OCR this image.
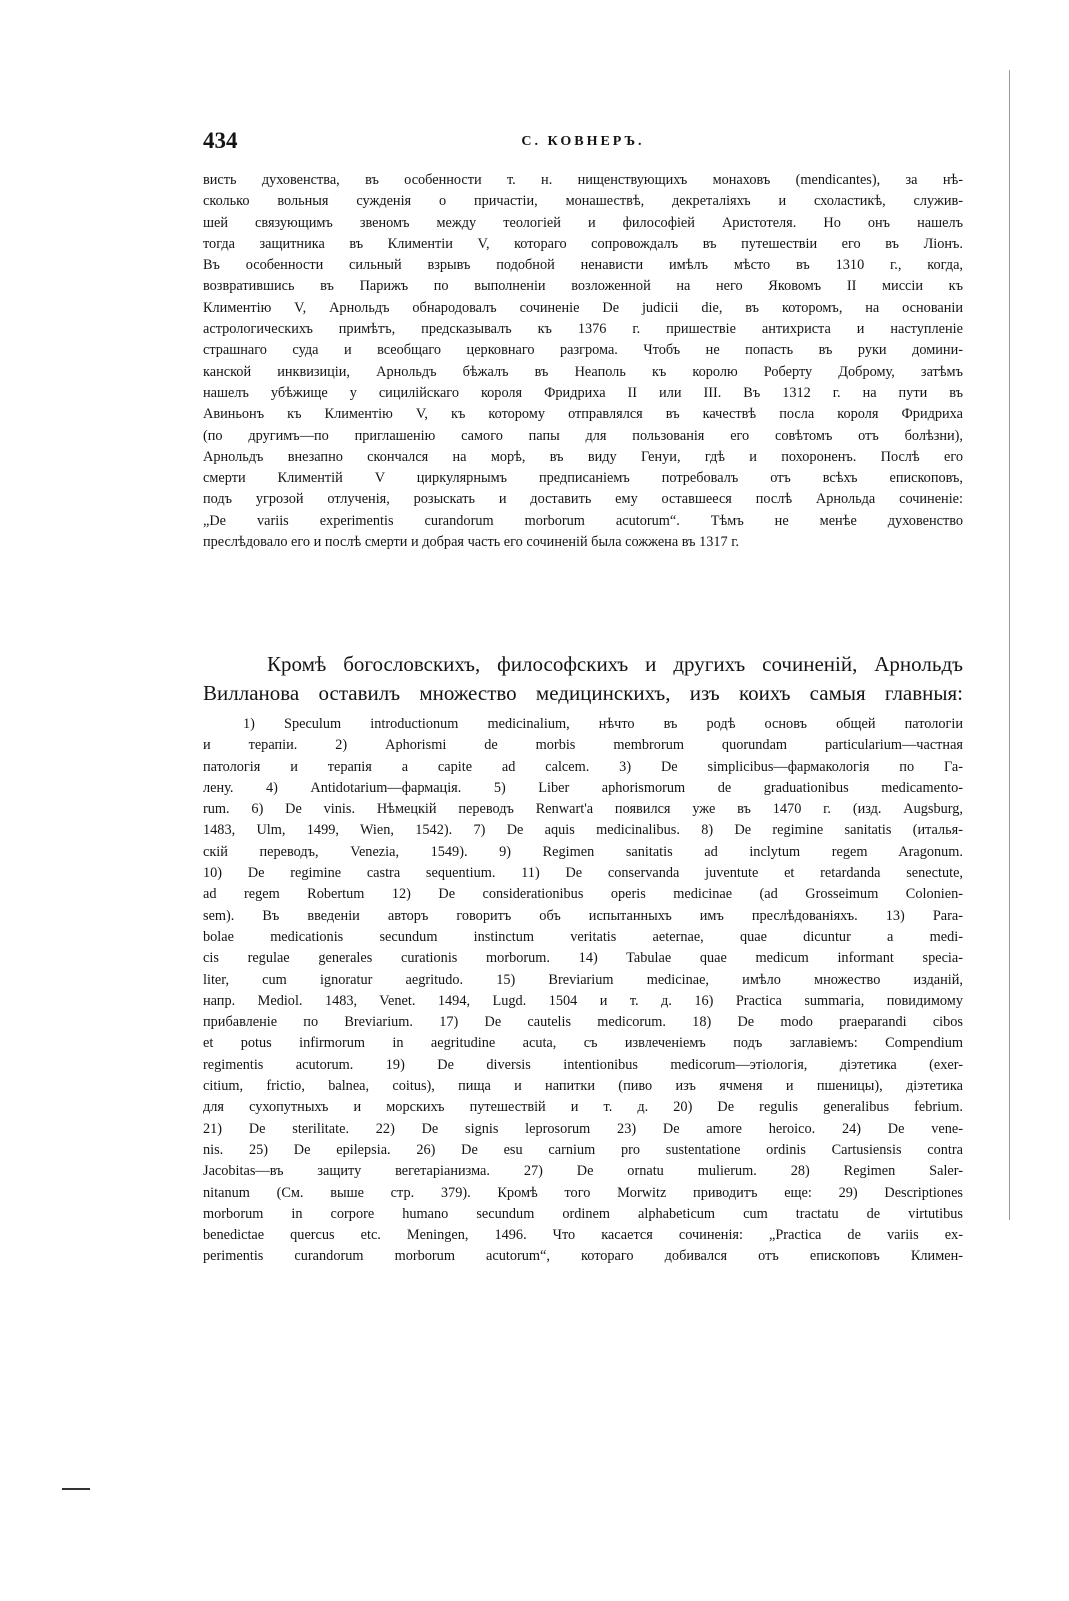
434	С. КОВНЕРЪ.
висть духовенства, въ особенности т. н. нищенствующихъ монаховъ (mendicantes), за нѣ-
сколько вольныя сужденія о причастіи, монашествѣ, декреталіяхъ и схоластикѣ, служив-
шей связующимъ звеномъ между теологіей и философіей Аристотеля. Но онъ нашелъ
тогда защитника въ Климентіи V, котораго сопровождалъ въ путешествіи его въ Ліонъ.
Въ особенности сильный взрывъ подобной ненависти имѣлъ мѣсто въ 1310 г., когда,
возвратившись въ Парижъ по выполненіи возложенной на него Яковомъ II миссіи къ
Климентію V, Арнольдъ обнародовалъ сочиненіе De judicii die, въ которомъ, на основаніи
астрологическихъ примѣтъ, предсказывалъ къ 1376 г. пришествіе антихриста и наступленіе
страшнаго суда и всеобщаго церковнаго разгрома. Чтобъ не попасть въ руки домини-
канской инквизиціи, Арнольдъ бѣжалъ въ Неаполь къ королю Роберту Доброму, затѣмъ
нашелъ убѣжище у сицилійскаго короля Фридриха II или III. Въ 1312 г. на пути въ
Авиньонъ къ Климентію V, къ которому отправлялся въ качествѣ посла короля Фридриха
(по другимъ—по приглашенію самого папы для пользованія его совѣтомъ отъ болѣзни),
Арнольдъ внезапно скончался на морѣ, въ виду Генуи, гдѣ и похороненъ. Послѣ его
смерти Климентій V циркулярнымъ предписаніемъ потребовалъ отъ всѣхъ епископовъ,
подъ угрозой отлученія, розыскать и доставить ему оставшееся послѣ Арнольда сочиненіе:
„De variis experimentis curandorum morborum acutorum“. Тѣмъ не менѣе духовенство
преслѣдовало его и послѣ смерти и добрая часть его сочиненій была сожжена въ 1317 г.
Кромѣ богословскихъ, философскихъ и другихъ сочиненій, Арнольдъ
Вилланова оставилъ множество медицинскихъ, изъ коихъ самыя главныя:
1) Speculum introductionum medicinalium, нѣчто въ родѣ основъ общей патологіи
и терапіи. 2) Aphorismi de morbis membrorum quorundam particularium—частная
патологія и терапія a capite ad calcem. 3) De simplicibus—фармакологія по Га-
лену. 4) Antidotarium—фармація. 5) Liber aphorismorum de graduationibus medicamento-
rum. 6) De vinis. Нѣмецкій переводъ Renwart'a появился уже въ 1470 г. (изд. Augsburg,
1483, Ulm, 1499, Wien, 1542). 7) De aquis medicinalibus. 8) De regimine sanitatis (италья-
скій переводъ, Venezia, 1549). 9) Regimen sanitatis ad inclytum regem Aragonum.
10) De regimine castra sequentium. 11) De conservanda juventute et retardanda senectute,
ad regem Robertum 12) De considerationibus operis medicinae (ad Grosseimum Colonien-
sem). Въ введеніи авторъ говоритъ объ испытанныхъ имъ преслѣдованіяхъ. 13) Para-
bolae medicationis secundum instinctum veritatis aeternae, quae dicuntur a medi-
cis regulae generales curationis morborum. 14) Tabulae quae medicum informant specia-
liter, cum ignoratur aegritudo. 15) Breviarium medicinae, имѣло множество изданій,
напр. Mediol. 1483, Venet. 1494, Lugd. 1504 и т. д. 16) Practica summaria, повидимому
прибавленіе по Breviarium. 17) De cautelis medicorum. 18) De modo praeparandi cibos
et potus infirmorum in aegritudine acuta, съ извлеченіемъ подъ заглавіемъ: Compendium
regimentis acutorum. 19) De diversis intentionibus medicorum—этіологія, діэтетика (exer-
citium, frictio, balnea, coitus), пища и напитки (пиво изъ ячменя и пшеницы), діэтетика
для сухопутныхъ и морскихъ путешествій и т. д. 20) De regulis generalibus febrium.
21) De sterilitate. 22) De signis leprosorum 23) De amore heroico. 24) De vene-
nis. 25) De epilepsia. 26) De esu carnium pro sustentatione ordinis Cartusiensis contra
Jacobitas—въ защиту вегетаріанизма. 27) De ornatu mulierum. 28) Regimen Saler-
nitanum (См. выше стр. 379). Кромѣ того Morwitz приводитъ еще: 29) Descriptiones
morborum in corpore humano secundum ordinem alphabeticum cum tractatu de virtutibus
benedictae quercus etc. Meningen, 1496. Что касается сочиненія: „Practica de variis ex-
perimentis curandorum morborum acutorum“, котораго добивался отъ епископовъ Климен-
